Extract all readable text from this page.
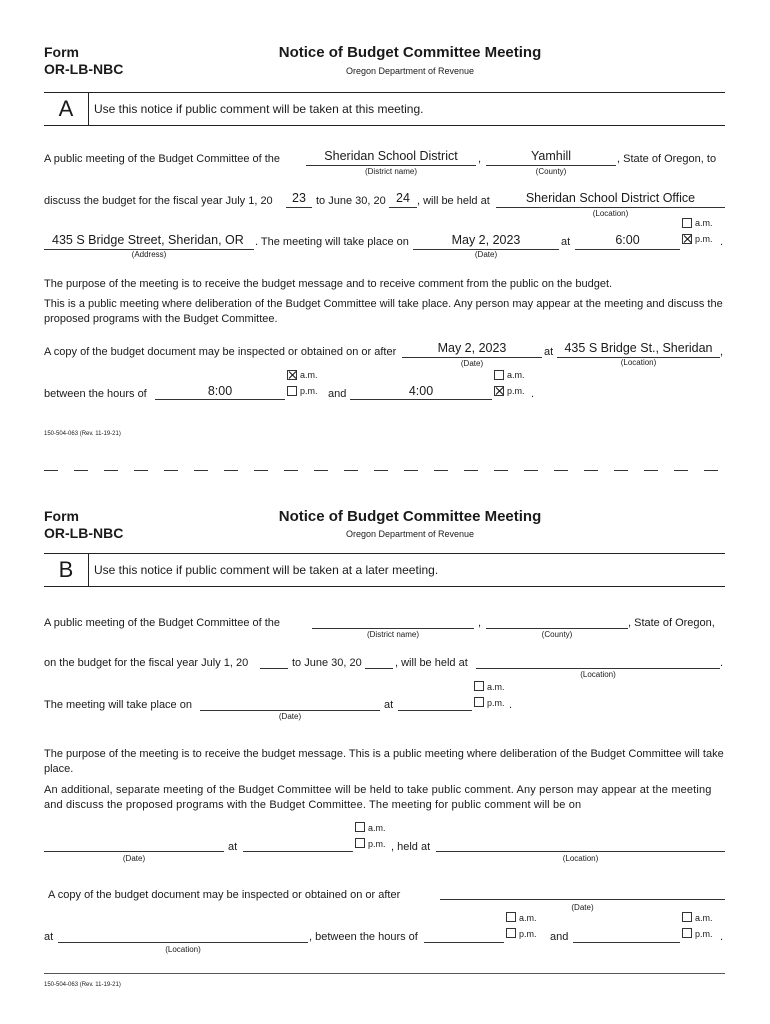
Form
OR-LB-NBC
Notice of Budget Committee Meeting
Oregon Department of Revenue
A	Use this notice if public comment will be taken at this meeting.
A public meeting of the Budget Committee of the	Sheridan School District	,	Yamhill	, State of Oregon, to
(District name)	(County)
discuss the budget for the fiscal year July 1, 20	23 to June 30, 20 24 , will be held at	Sheridan School District Office
(Location)
435 S Bridge Street, Sheridan, OR . The meeting will take place on	May 2, 2023	at	6:00
a.m.
p.m. .
(Address)	(Date)
The purpose of the meeting is to receive the budget message and to receive comment from the public on the budget.
This is a public meeting where deliberation of the Budget Committee will take place. Any person may appear at the meeting and discuss the proposed programs with the Budget Committee.
A copy of the budget document may be inspected or obtained on or after	May 2, 2023	at 435 S Bridge St., Sheridan ,
(Date)	(Location)
between the hours of	8:00
a.m.
p.m. and	4:00
a.m.
p.m. .
150-504-063 (Rev. 11-19-21)
Form
OR-LB-NBC
Notice of Budget Committee Meeting
Oregon Department of Revenue
B	Use this notice if public comment will be taken at a later meeting.
A public meeting of the Budget Committee of the	,	, State of Oregon,
(District name)	(County)
on the budget for the fiscal year July 1, 20	to June 30, 20	, will be held at	.
(Location)
The meeting will take place on	at
a.m.
p.m. .
(Date)
The purpose of the meeting is to receive the budget message. This is a public meeting where deliberation of the Budget Committee will take place.
An additional, separate meeting of the Budget Committee will be held to take public comment. Any person may appear at the meeting and discuss the proposed programs with the Budget Committee. The meeting for public comment will be on
at
a.m.
p.m. , held at
(Date)	(Location)
A copy of the budget document may be inspected or obtained on or after
(Date)
at	, between the hours of
a.m.
p.m. and
a.m.
p.m. .
(Location)
150-504-063 (Rev. 11-19-21)
